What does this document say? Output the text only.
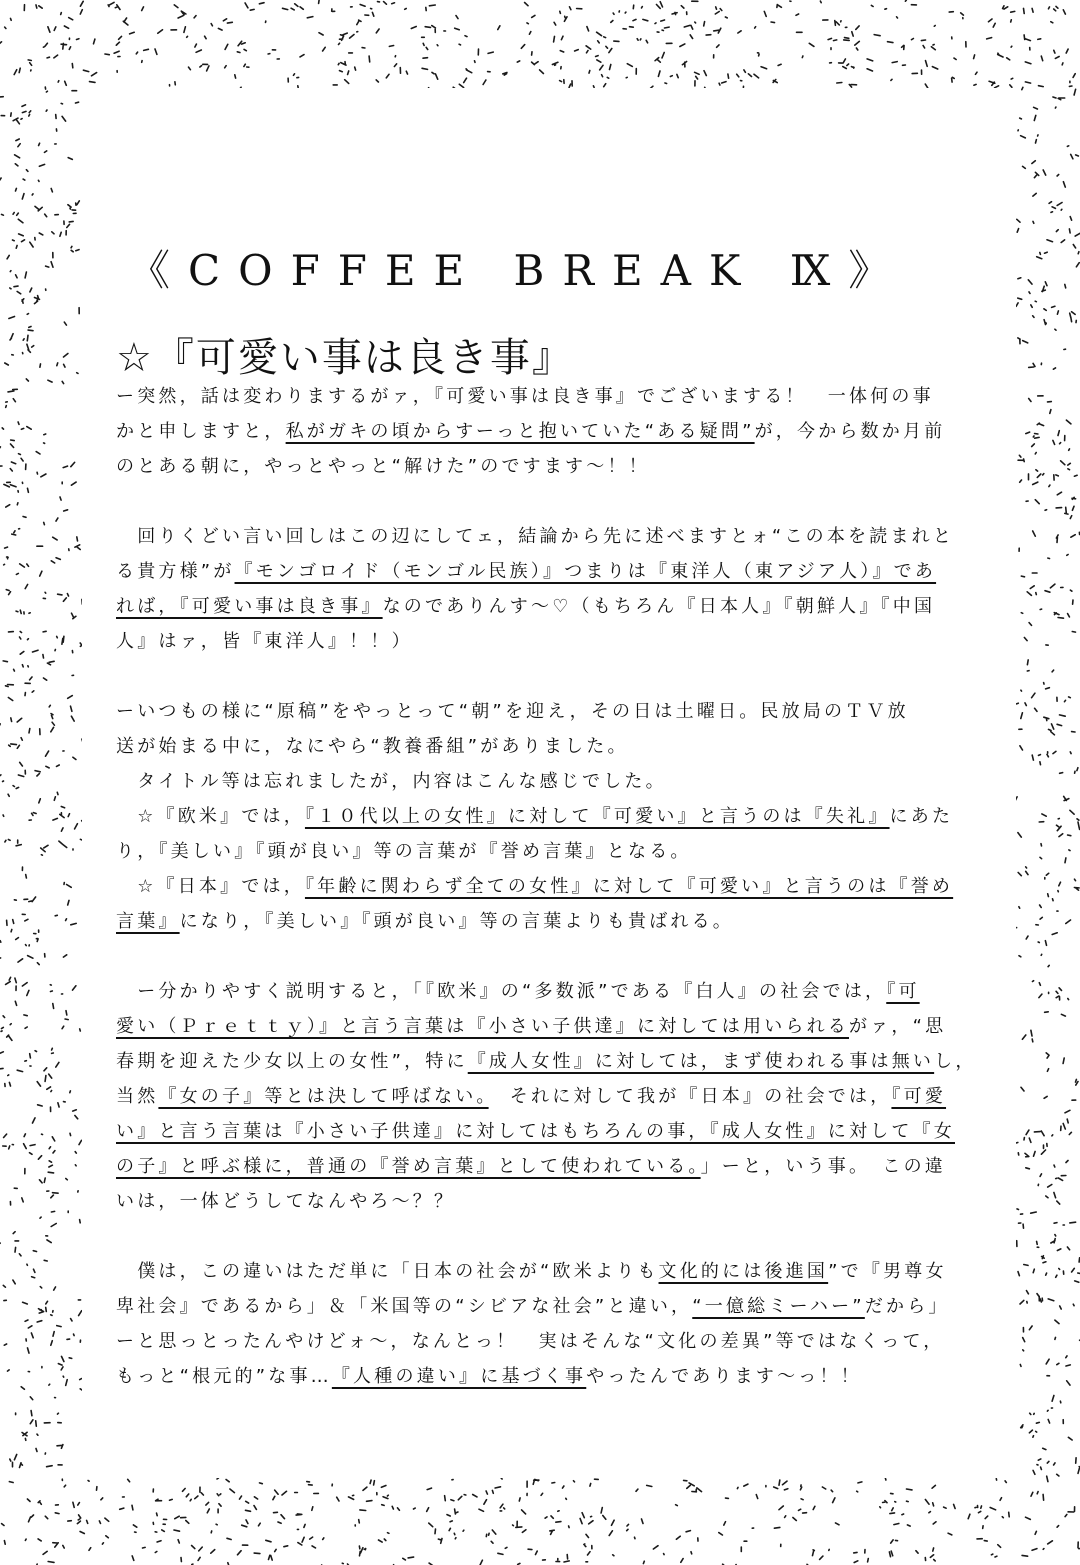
《COFFEE BREAK Ⅸ》
☆『可愛い事は良き事』
ー突然，話は変わりまするがァ，『可愛い事は良き事』でございまする！　一体何の事
かと申しますと，私がガキの頃からすーっと抱いていた“ある疑問”が，今から数か月前
のとある朝に，やっとやっと“解けた”のですます〜！！
　回りくどい言い回しはこの辺にしてェ，結論から先に述べますとォ“この本を読まれと
る貴方様”が『モンゴロイド（モンゴル民族）』つまりは『東洋人（東アジア人）』であ
れば，『可愛い事は良き事』なのでありんす〜♡（もちろん『日本人』『朝鮮人』『中国
人』はァ，皆『東洋人』！！）
ーいつもの様に“原稿”をやっとって“朝”を迎え，その日は土曜日。民放局のＴＶ放
送が始まる中に，なにやら“教養番組”がありました。
　タイトル等は忘れましたが，内容はこんな感じでした。
　☆『欧米』では，『１０代以上の女性』に対して『可愛い』と言うのは『失礼』にあた
り，『美しい』『頭が良い』等の言葉が『誉め言葉』となる。
　☆『日本』では，『年齢に関わらず全ての女性』に対して『可愛い』と言うのは『誉め
言葉』になり，『美しい』『頭が良い』等の言葉よりも貴ばれる。
　ー分かりやすく説明すると，「『欧米』の“多数派”である『白人』の社会では，『可
愛い（Ｐｒｅｔｔｙ）』と言う言葉は『小さい子供達』に対しては用いられるがァ，“思
春期を迎えた少女以上の女性”，特に『成人女性』に対しては，まず使われる事は無いし，
当然『女の子』等とは決して呼ばない。　それに対して我が『日本』の社会では，『可愛
い』と言う言葉は『小さい子供達』に対してはもちろんの事，『成人女性』に対して『女
の子』と呼ぶ様に，普通の『誉め言葉』として使われている。」ーと，いう事。　この違
いは，一体どうしてなんやろ〜？？
　僕は，この違いはただ単に「日本の社会が“欧米よりも文化的には後進国”で『男尊女
卑社会』であるから」＆「米国等の“シビアな社会”と違い，“一億総ミーハー”だから」
ーと思っとったんやけどォ〜，なんとっ！　実はそんな“文化の差異”等ではなくって，
もっと“根元的”な事…『人種の違い』に基づく事やったんであります〜っ！！
